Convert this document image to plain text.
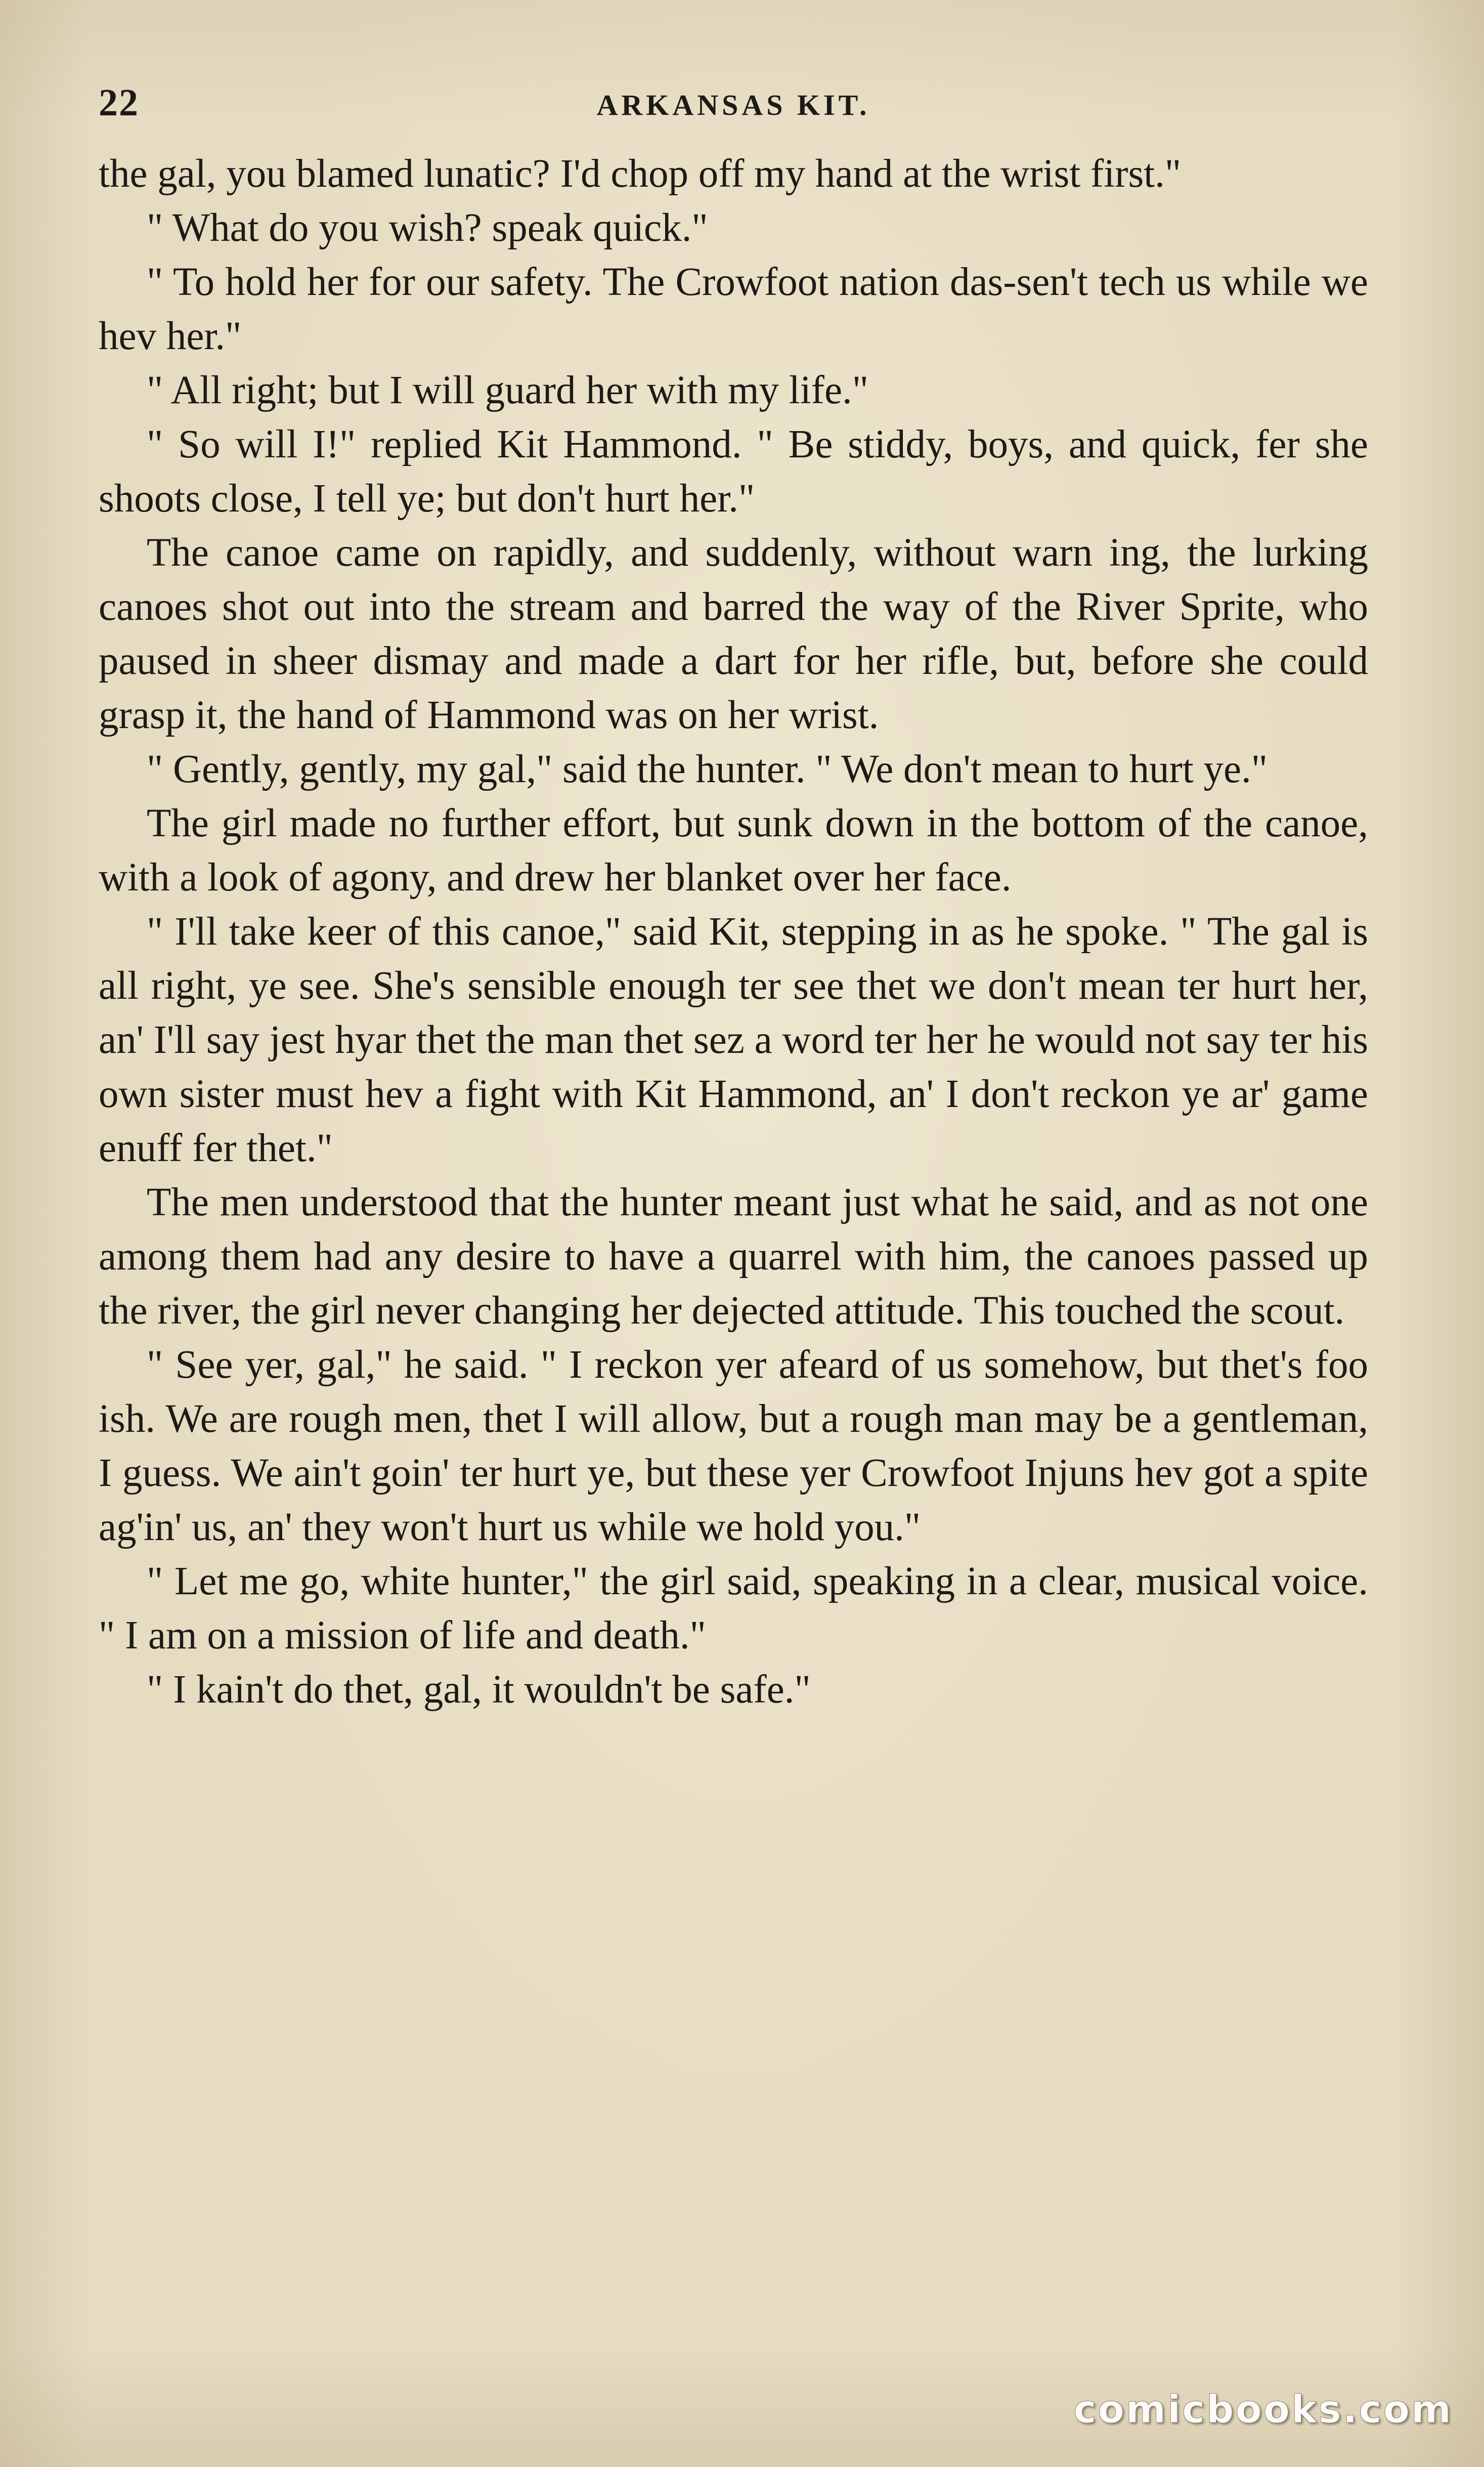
22	ARKANSAS KIT.

the gal, you blamed lunatic? I'd chop off my hand at the wrist first."

" What do you wish? speak quick."

" To hold her for our safety. The Crowfoot nation das-sen't tech us while we hev her."

" All right; but I will guard her with my life."

" So will I!" replied Kit Hammond. " Be stiddy, boys, and quick, fer she shoots close, I tell ye; but don't hurt her."

The canoe came on rapidly, and suddenly, without warn ing, the lurking canoes shot out into the stream and barred the way of the River Sprite, who paused in sheer dismay and made a dart for her rifle, but, before she could grasp it, the hand of Hammond was on her wrist.

" Gently, gently, my gal," said the hunter. " We don't mean to hurt ye."

The girl made no further effort, but sunk down in the bottom of the canoe, with a look of agony, and drew her blanket over her face.

" I'll take keer of this canoe," said Kit, stepping in as he spoke. " The gal is all right, ye see. She's sensible enough ter see thet we don't mean ter hurt her, an' I'll say jest hyar thet the man thet sez a word ter her he would not say ter his own sister must hev a fight with Kit Hammond, an' I don't reckon ye ar' game enuff fer thet."

The men understood that the hunter meant just what he said, and as not one among them had any desire to have a quarrel with him, the canoes passed up the river, the girl never changing her dejected attitude. This touched the scout.

" See yer, gal," he said. " I reckon yer afeard of us somehow, but thet's foo ish. We are rough men, thet I will allow, but a rough man may be a gentleman, I guess. We ain't goin' ter hurt ye, but these yer Crowfoot Injuns hev got a spite ag'in' us, an' they won't hurt us while we hold you."

" Let me go, white hunter," the girl said, speaking in a clear, musical voice. " I am on a mission of life and death."

" I kain't do thet, gal, it wouldn't be safe."

comicbooks.com
